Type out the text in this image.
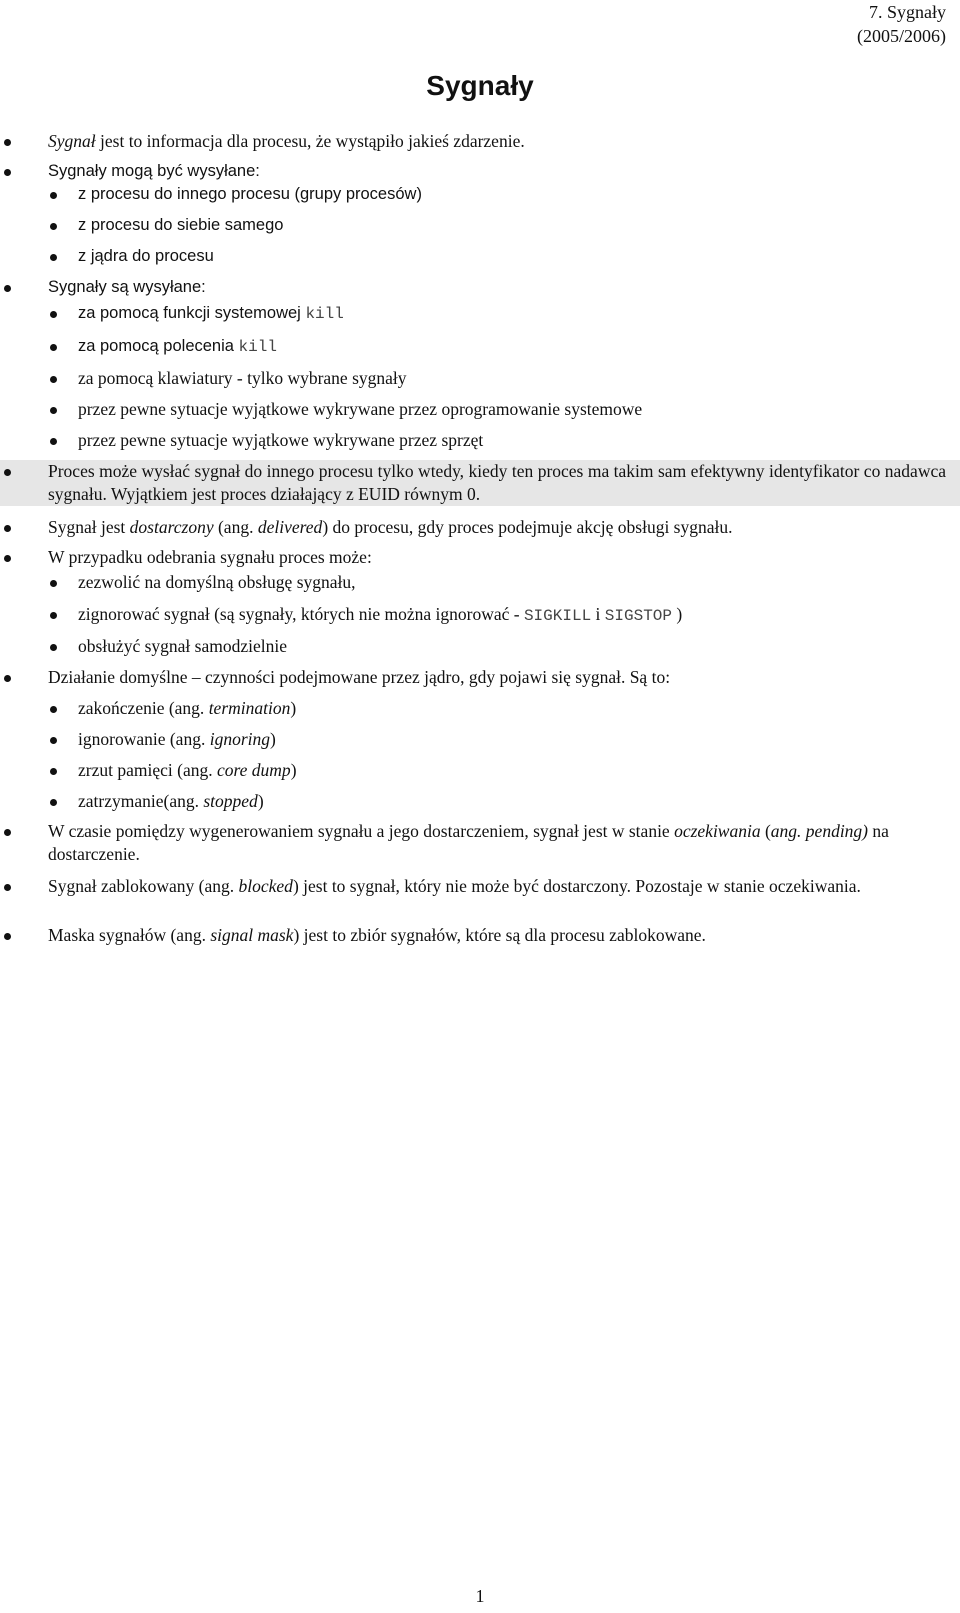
7. Sygnały
(2005/2006)
Sygnały
Sygnał jest to informacja dla procesu, że wystąpiło jakieś zdarzenie.
Sygnały mogą być wysyłane:
z procesu do innego procesu (grupy procesów)
z procesu do siebie samego
z jądra do procesu
Sygnały są wysyłane:
za pomocą funkcji systemowej kill
za pomocą polecenia kill
za pomocą klawiatury - tylko wybrane sygnały
przez pewne sytuacje wyjątkowe wykrywane przez oprogramowanie systemowe
przez pewne sytuacje wyjątkowe wykrywane przez sprzęt
Proces może wysłać sygnał do innego procesu tylko wtedy, kiedy ten proces ma takim sam efektywny identyfikator co nadawca sygnału. Wyjątkiem jest proces działający z EUID równym 0.
Sygnał jest dostarczony (ang. delivered) do procesu, gdy proces podejmuje akcję obsługi sygnału.
W przypadku odebrania sygnału proces może:
zezwolić na domyślną obsługę sygnału,
zignorować sygnał (są sygnały, których nie można ignorować - SIGKILL i SIGSTOP )
obsłużyć sygnał samodzielnie
Działanie domyślne – czynności podejmowane przez jądro, gdy pojawi się sygnał. Są to:
zakończenie (ang. termination)
ignorowanie (ang. ignoring)
zrzut pamięci (ang. core dump)
zatrzymanie(ang. stopped)
W czasie pomiędzy wygenerowaniem sygnału a jego dostarczeniem, sygnał jest w stanie oczekiwania (ang. pending) na dostarczenie.
Sygnał zablokowany (ang. blocked) jest to sygnał, który nie może być dostarczony. Pozostaje w stanie oczekiwania.
Maska sygnałów (ang. signal mask) jest to zbiór sygnałów, które są dla procesu zablokowane.
1
